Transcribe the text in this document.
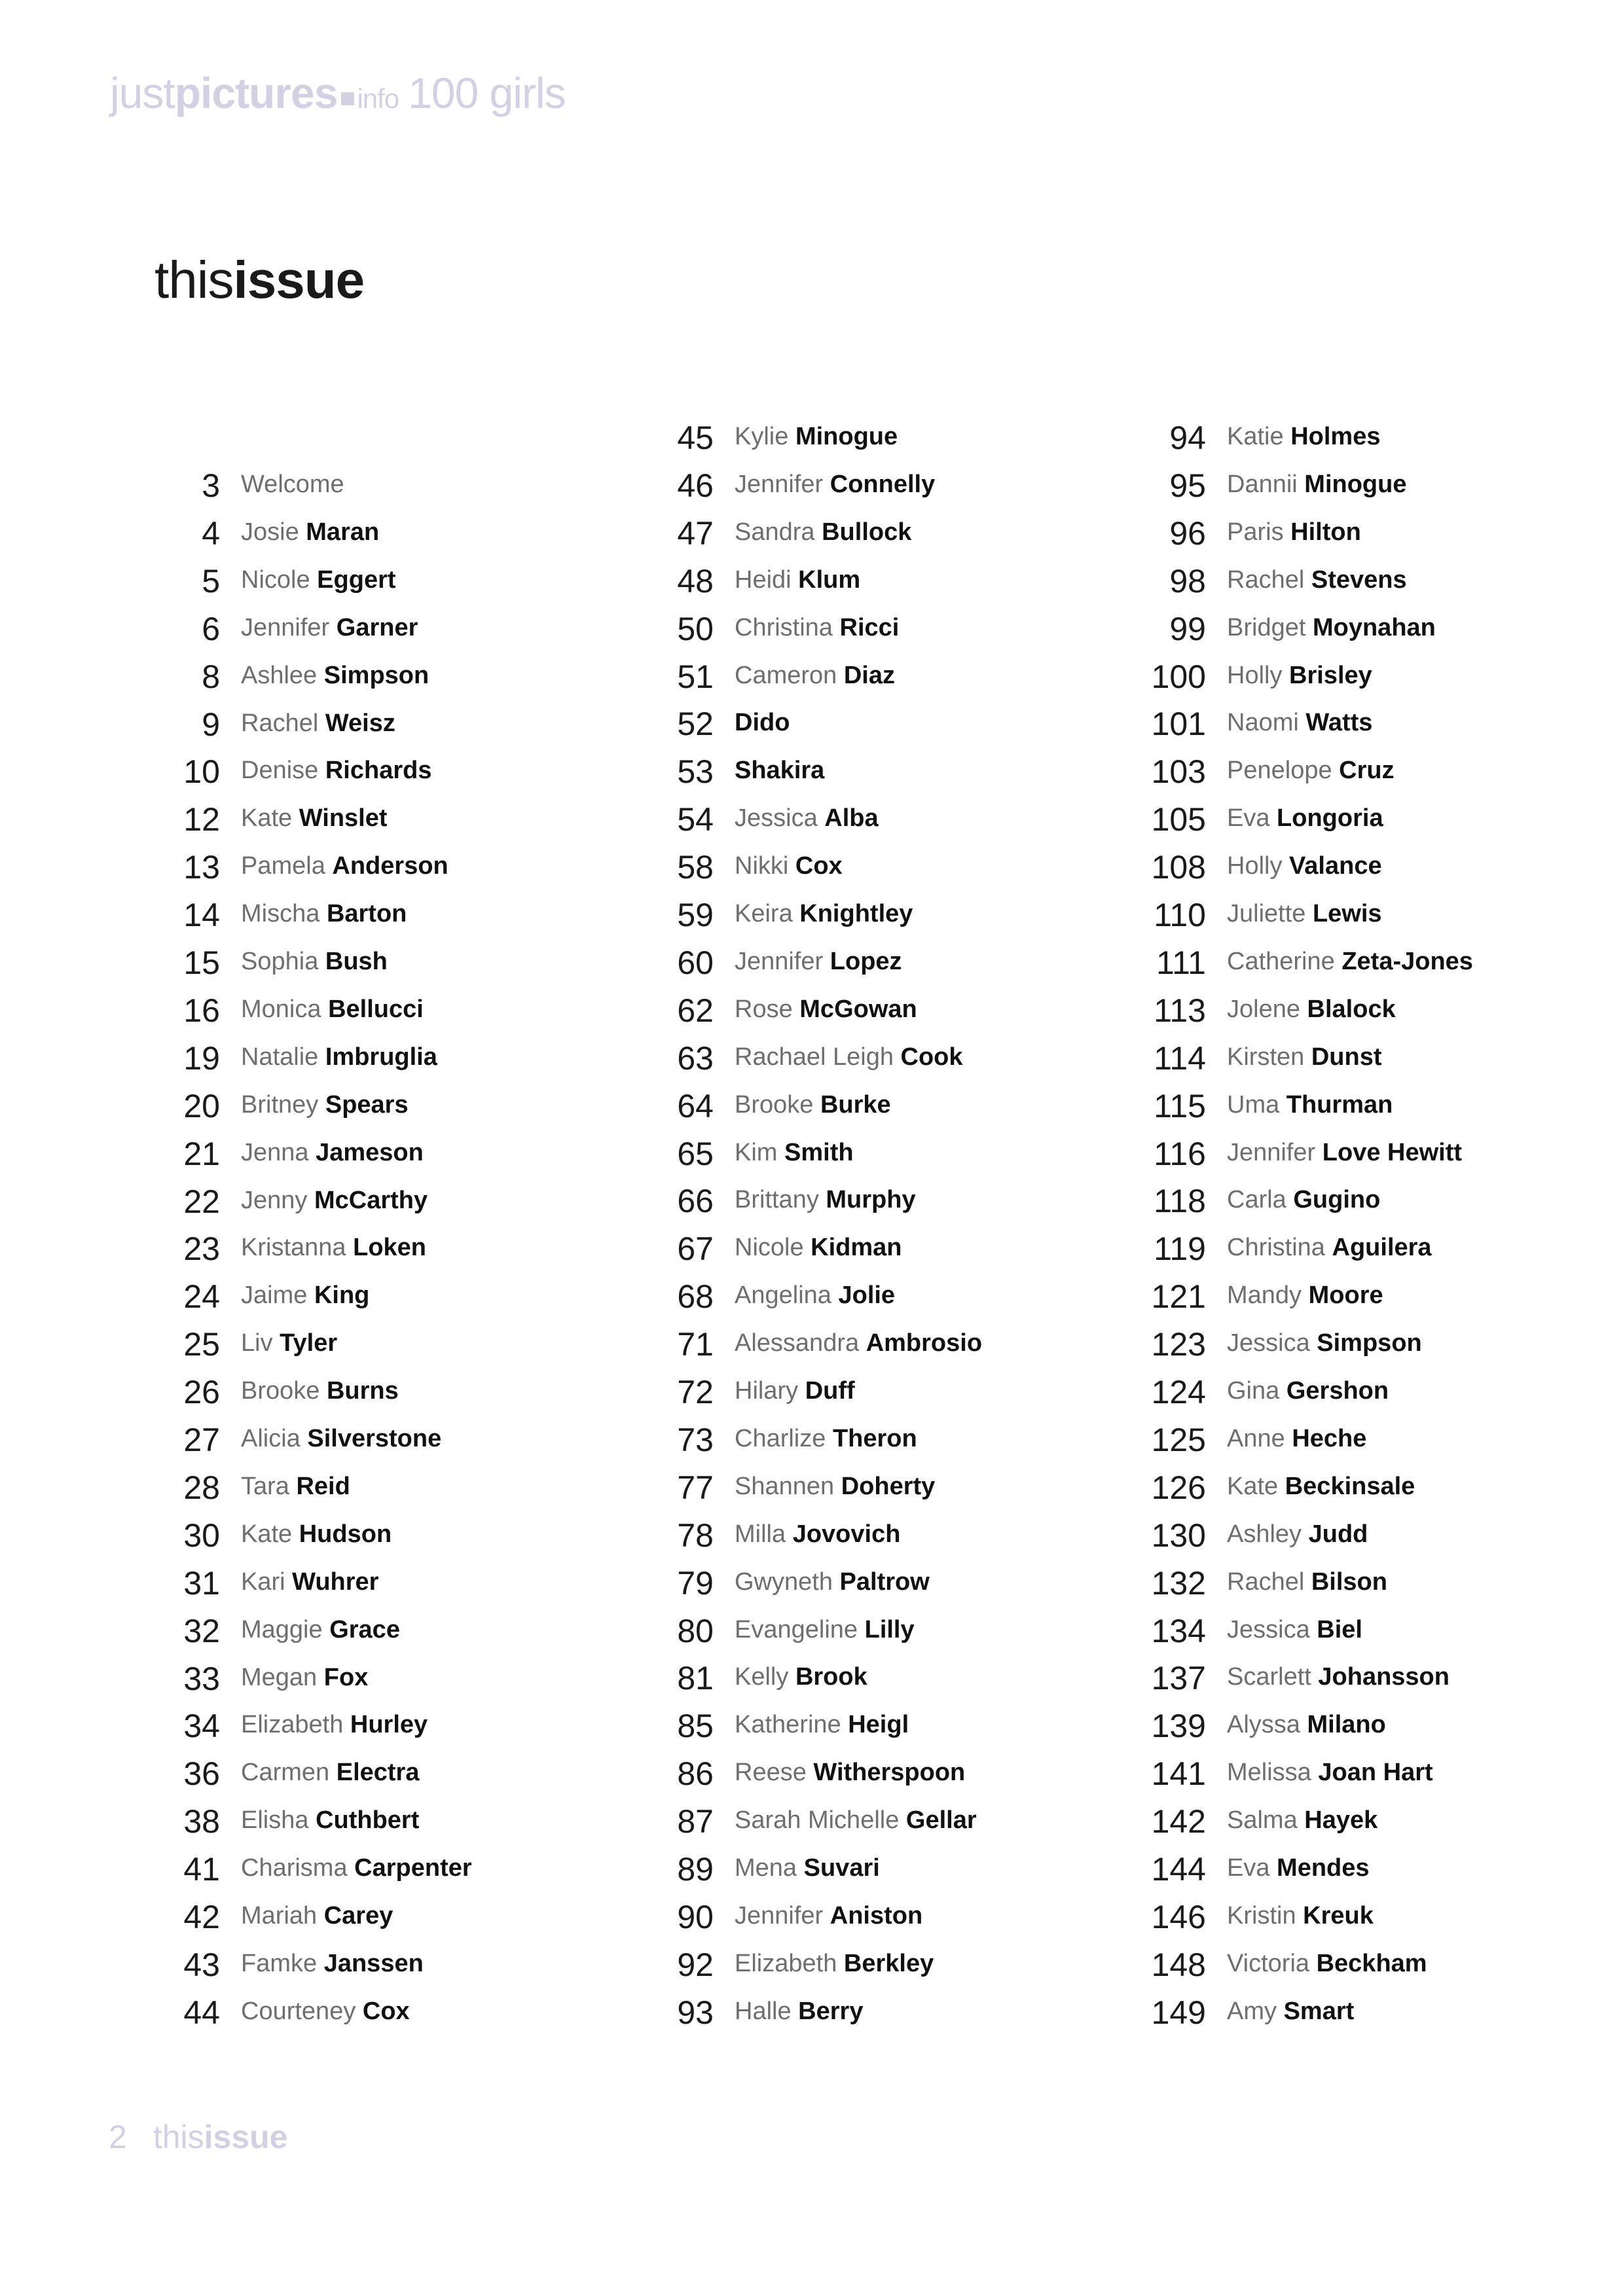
justpictures info 100 girls
thisissue
3 Welcome
4 Josie Maran
5 Nicole Eggert
6 Jennifer Garner
8 Ashlee Simpson
9 Rachel Weisz
10 Denise Richards
12 Kate Winslet
13 Pamela Anderson
14 Mischa Barton
15 Sophia Bush
16 Monica Bellucci
19 Natalie Imbruglia
20 Britney Spears
21 Jenna Jameson
22 Jenny McCarthy
23 Kristanna Loken
24 Jaime King
25 Liv Tyler
26 Brooke Burns
27 Alicia Silverstone
28 Tara Reid
30 Kate Hudson
31 Kari Wuhrer
32 Maggie Grace
33 Megan Fox
34 Elizabeth Hurley
36 Carmen Electra
38 Elisha Cuthbert
41 Charisma Carpenter
42 Mariah Carey
43 Famke Janssen
44 Courteney Cox
45 Kylie Minogue
46 Jennifer Connelly
47 Sandra Bullock
48 Heidi Klum
50 Christina Ricci
51 Cameron Diaz
52 Dido
53 Shakira
54 Jessica Alba
58 Nikki Cox
59 Keira Knightley
60 Jennifer Lopez
62 Rose McGowan
63 Rachael Leigh Cook
64 Brooke Burke
65 Kim Smith
66 Brittany Murphy
67 Nicole Kidman
68 Angelina Jolie
71 Alessandra Ambrosio
72 Hilary Duff
73 Charlize Theron
77 Shannen Doherty
78 Milla Jovovich
79 Gwyneth Paltrow
80 Evangeline Lilly
81 Kelly Brook
85 Katherine Heigl
86 Reese Witherspoon
87 Sarah Michelle Gellar
89 Mena Suvari
90 Jennifer Aniston
92 Elizabeth Berkley
93 Halle Berry
94 Katie Holmes
95 Dannii Minogue
96 Paris Hilton
98 Rachel Stevens
99 Bridget Moynahan
100 Holly Brisley
101 Naomi Watts
103 Penelope Cruz
105 Eva Longoria
108 Holly Valance
110 Juliette Lewis
111 Catherine Zeta-Jones
113 Jolene Blalock
114 Kirsten Dunst
115 Uma Thurman
116 Jennifer Love Hewitt
118 Carla Gugino
119 Christina Aguilera
121 Mandy Moore
123 Jessica Simpson
124 Gina Gershon
125 Anne Heche
126 Kate Beckinsale
130 Ashley Judd
132 Rachel Bilson
134 Jessica Biel
137 Scarlett Johansson
139 Alyssa Milano
141 Melissa Joan Hart
142 Salma Hayek
144 Eva Mendes
146 Kristin Kreuk
148 Victoria Beckham
149 Amy Smart
2 thisissue
